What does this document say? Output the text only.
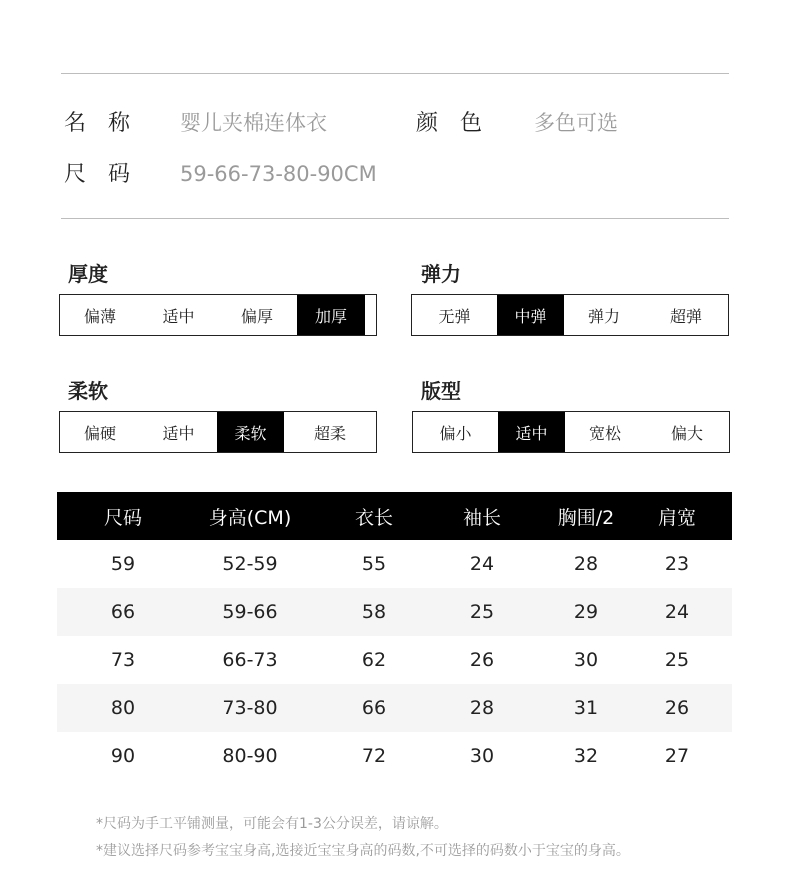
名　称 婴儿夹棉连体衣	颜　色 多色可选
尺　码 59-66-73-80-90CM
厚度
偏薄	适中	偏厚	加厚
弹力
无弹	中弹	弹力	超弹
柔软
偏硬	适中	柔软	超柔
版型
偏小	适中	宽松	偏大
尺码	身高(CM)	衣长	袖长	胸围/2	肩宽
59	52-59	55	24	28	23
66	59-66	58	25	29	24
73	66-73	62	26	30	25
80	73-80	66	28	31	26
90	80-90	72	30	32	27
*尺码为手工平铺测量，可能会有1-3公分误差，请谅解。
*建议选择尺码参考宝宝身高,选接近宝宝身高的码数,不可选择的码数小于宝宝的身高。
